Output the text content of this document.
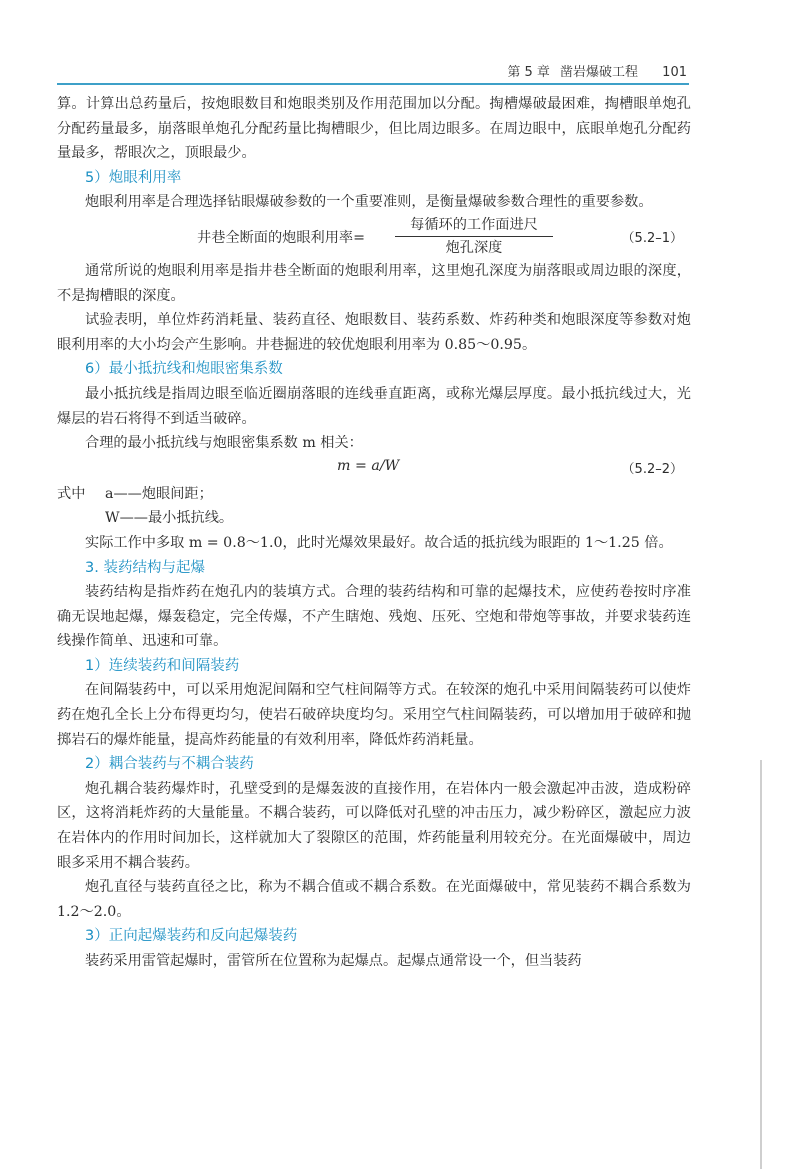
第 5 章 凿岩爆破工程 101

算。计算出总药量后，按炮眼数目和炮眼类别及作用范围加以分配。掏槽爆破最困难，掏槽眼单炮孔分配药量最多，崩落眼单炮孔分配药量比掏槽眼少，但比周边眼多。在周边眼中，底眼单炮孔分配药量最多，帮眼次之，顶眼最少。

5）炮眼利用率

炮眼利用率是合理选择钻眼爆破参数的一个重要准则，是衡量爆破参数合理性的重要参数。

井巷全断面的炮眼利用率=
每循环的工作面进尺
炮孔深度
（5.2–1）

通常所说的炮眼利用率是指井巷全断面的炮眼利用率，这里炮孔深度为崩落眼或周边眼的深度，不是掏槽眼的深度。

试验表明，单位炸药消耗量、装药直径、炮眼数目、装药系数、炸药种类和炮眼深度等参数对炮眼利用率的大小均会产生影响。井巷掘进的较优炮眼利用率为 0.85～0.95。

6）最小抵抗线和炮眼密集系数

最小抵抗线是指周边眼至临近圈崩落眼的连线垂直距离，或称光爆层厚度。最小抵抗线过大，光爆层的岩石将得不到适当破碎。

合理的最小抵抗线与炮眼密集系数 m 相关：

m = a/W	（5.2–2）
式中 a——炮眼间距；
W——最小抵抗线。

实际工作中多取 m = 0.8～1.0，此时光爆效果最好。故合适的抵抗线为眼距的 1～1.25 倍。

3. 装药结构与起爆

装药结构是指炸药在炮孔内的装填方式。合理的装药结构和可靠的起爆技术，应使药卷按时序准确无误地起爆，爆轰稳定，完全传爆，不产生瞎炮、残炮、压死、空炮和带炮等事故，并要求装药连线操作简单、迅速和可靠。

1）连续装药和间隔装药

在间隔装药中，可以采用炮泥间隔和空气柱间隔等方式。在较深的炮孔中采用间隔装药可以使炸药在炮孔全长上分布得更均匀，使岩石破碎块度均匀。采用空气柱间隔装药，可以增加用于破碎和抛掷岩石的爆炸能量，提高炸药能量的有效利用率，降低炸药消耗量。

2）耦合装药与不耦合装药

炮孔耦合装药爆炸时，孔壁受到的是爆轰波的直接作用，在岩体内一般会激起冲击波，造成粉碎区，这将消耗炸药的大量能量。不耦合装药，可以降低对孔壁的冲击压力，减少粉碎区，激起应力波在岩体内的作用时间加长，这样就加大了裂隙区的范围，炸药能量利用较充分。在光面爆破中，周边眼多采用不耦合装药。

炮孔直径与装药直径之比，称为不耦合值或不耦合系数。在光面爆破中，常见装药不耦合系数为 1.2～2.0。

3）正向起爆装药和反向起爆装药

装药采用雷管起爆时，雷管所在位置称为起爆点。起爆点通常设一个，但当装药
